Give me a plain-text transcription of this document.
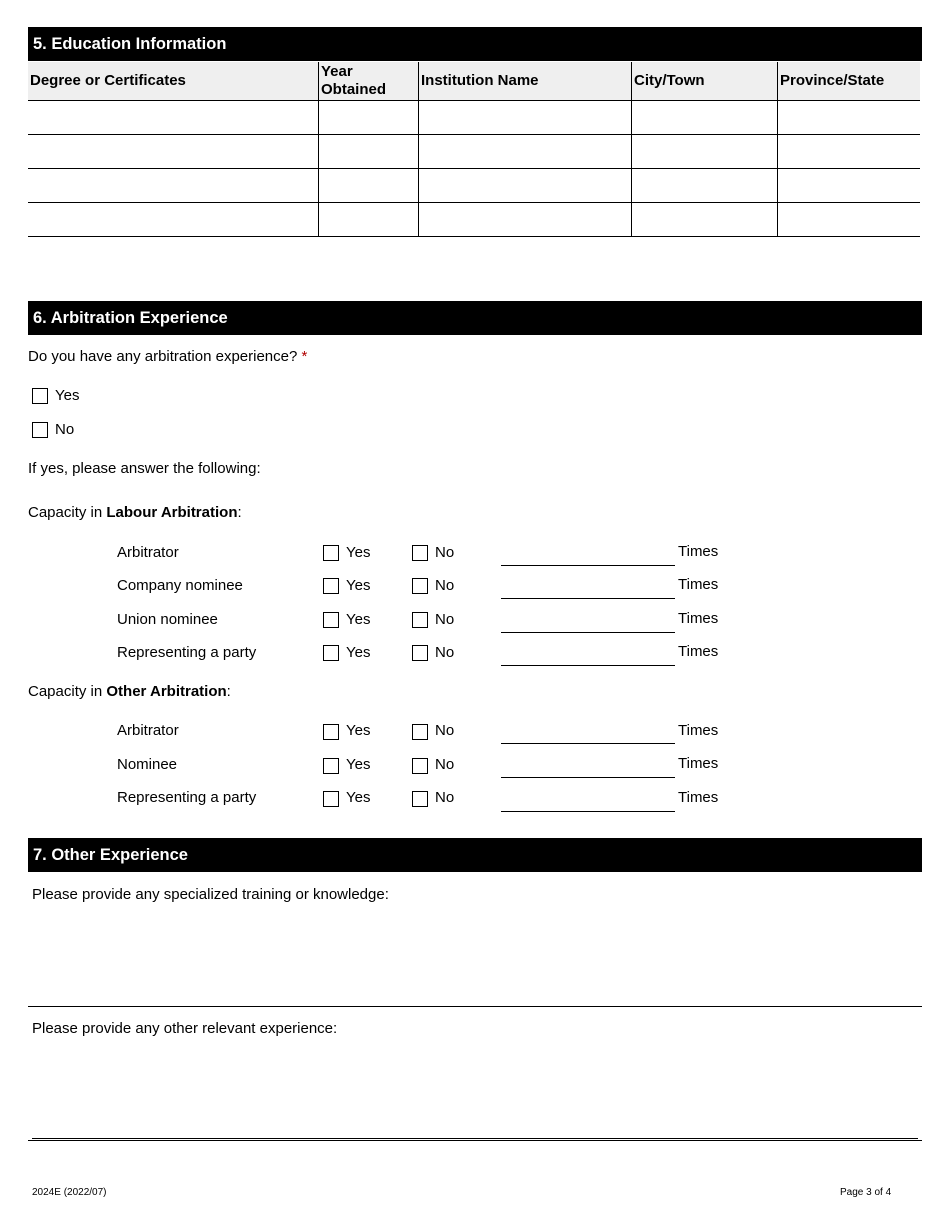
5. Education Information
Degree or Certificates	Year Obtained	Institution Name	City/Town	Province/State

6. Arbitration Experience
Do you have any arbitration experience? *
Yes
No
If yes, please answer the following:
Capacity in Labour Arbitration:
Arbitrator	Yes	No	Times
Company nominee	Yes	No	Times
Union nominee	Yes	No	Times
Representing a party	Yes	No	Times
Capacity in Other Arbitration:
Arbitrator	Yes	No	Times
Nominee	Yes	No	Times
Representing a party	Yes	No	Times
7. Other Experience
Please provide any specialized training or knowledge:
Please provide any other relevant experience:
2024E (2022/07)	Page 3 of 4
